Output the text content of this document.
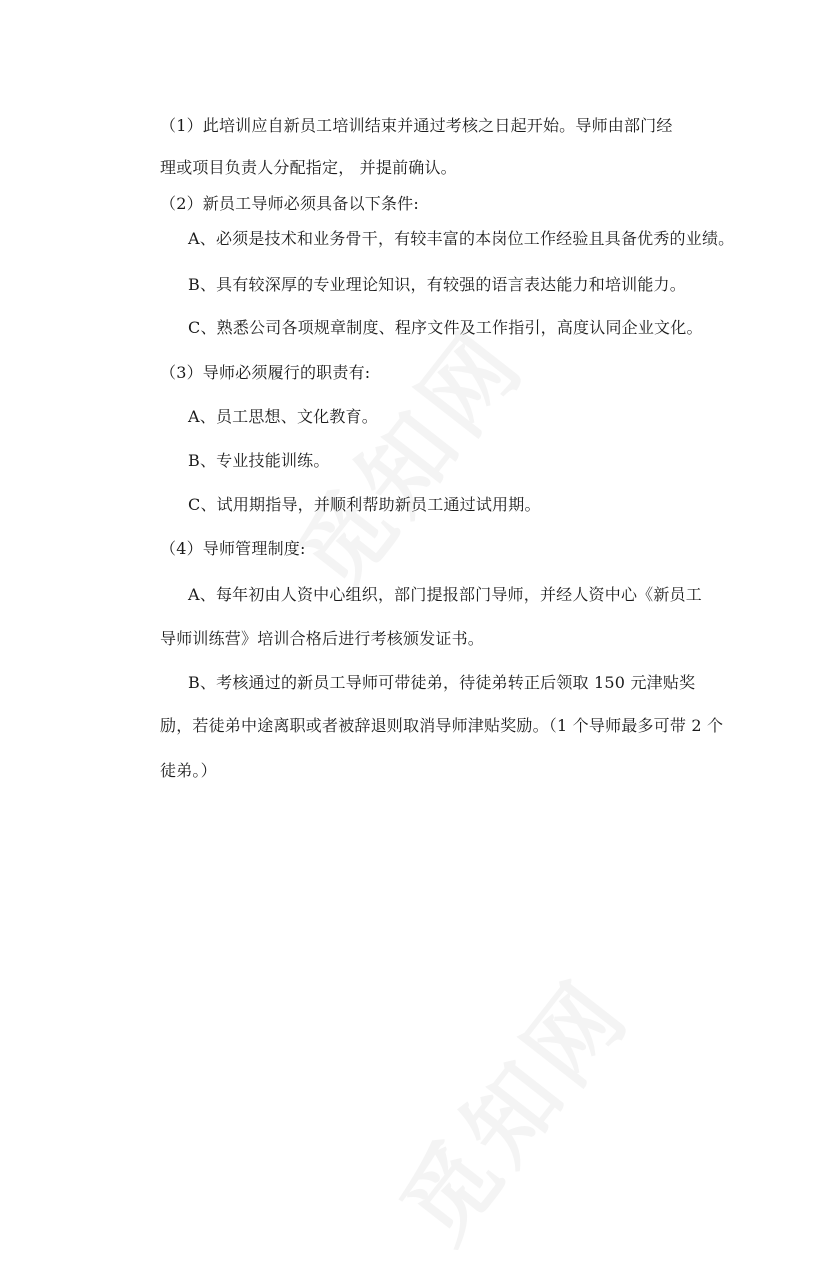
（1）此培训应自新员工培训结束并通过考核之日起开始。导师由部门经
理或项目负责人分配指定， 并提前确认。
（2）新员工导师必须具备以下条件:
A、必须是技术和业务骨干，有较丰富的本岗位工作经验且具备优秀的业绩。
B、具有较深厚的专业理论知识，有较强的语言表达能力和培训能力。
C、熟悉公司各项规章制度、程序文件及工作指引，高度认同企业文化。
（3）导师必须履行的职责有:
A、员工思想、文化教育。
B、专业技能训练。
C、试用期指导，并顺利帮助新员工通过试用期。
（4）导师管理制度:
A、每年初由人资中心组织，部门提报部门导师，并经人资中心《新员工
导师训练营》培训合格后进行考核颁发证书。
B、考核通过的新员工导师可带徒弟，待徒弟转正后领取 150 元津贴奖
励，若徒弟中途离职或者被辞退则取消导师津贴奖励。（1 个导师最多可带 2 个
徒弟。）
